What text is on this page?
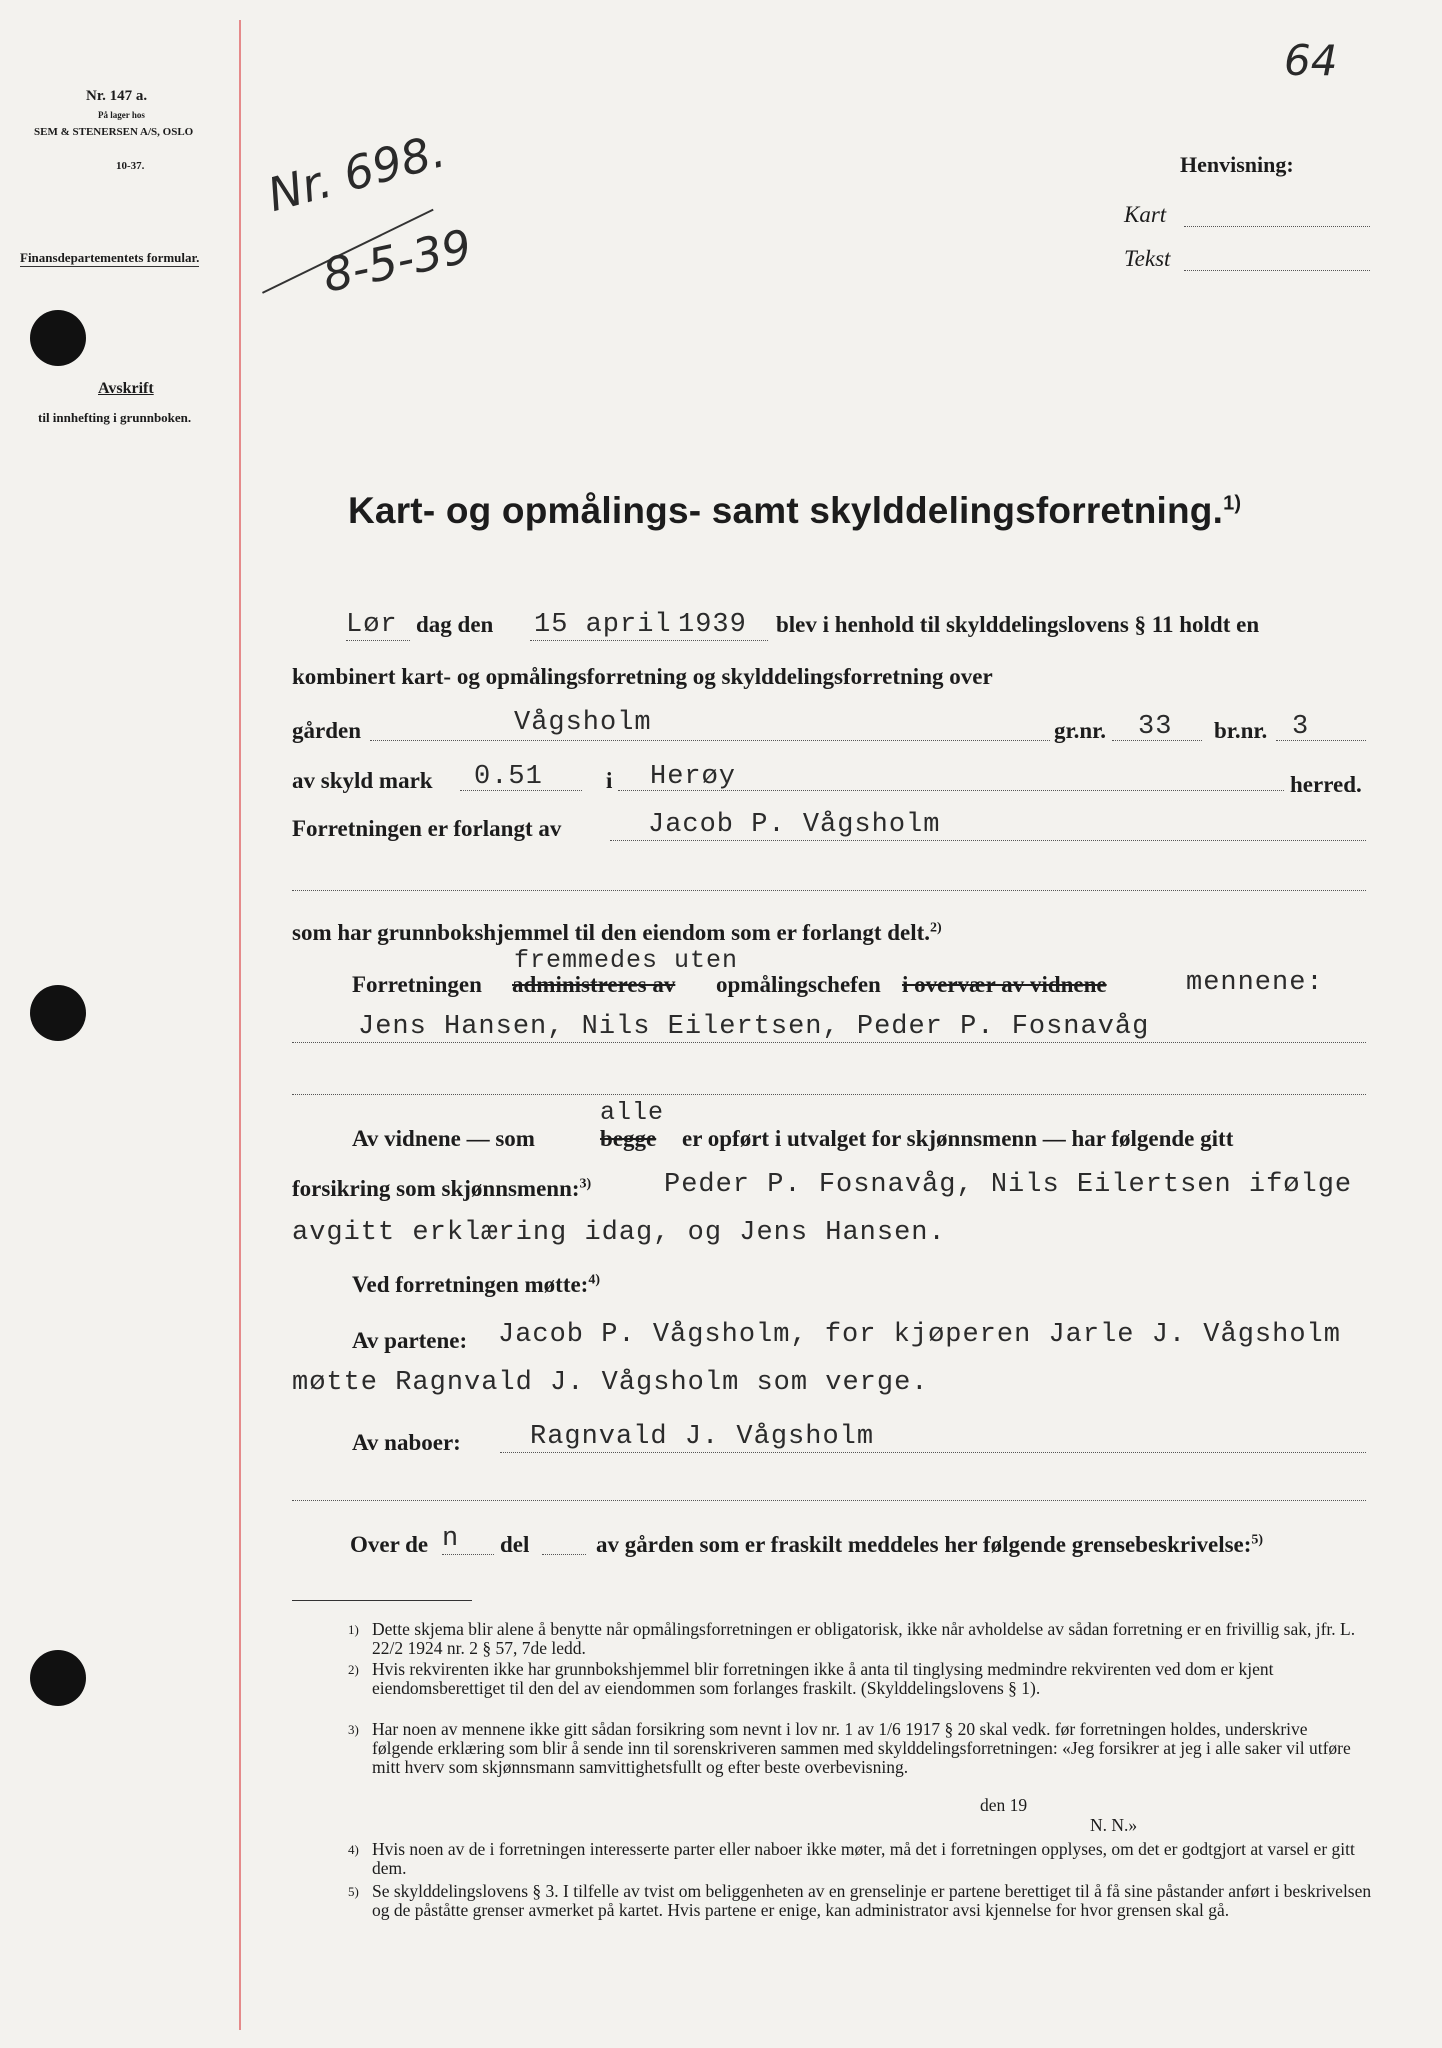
Nr. 147 a.
På lager hos
SEM & STENERSEN A/S, OSLO
10-37.
Finansdepartementets formular.
Avskrift
til innhefting i grunnboken.
Nr. 698.
8-5-39
64
Henvisning:
Kart
Tekst
Kart- og opmålings- samt skylddelingsforretning.$^{1)}$
Lør dag den 15 april 1939 blev i henhold til skylddelingslovens § 11 holdt en
kombinert kart- og opmålingsforretning og skylddelingsforretning over
gården	Vågsholm	gr.nr. 33 br.nr. 3
av skyld mark 0.51	i Herøy	herred.
Forretningen er forlangt av	Jacob P. Vågsholm
som har grunnbokshjemmel til den eiendom som er forlangt delt.$^{2)}$
fremmedes uten
Forretningen administreres av opmålingschefen i overvær av vidnene	mennene:
Jens Hansen, Nils Eilertsen, Peder P. Fosnavåg
alle
Av vidnene — som	begge er opført i utvalget for skjønnsmenn — har følgende gitt
forsikring som skjønnsmenn:$^{3)}$	Peder P. Fosnavåg, Nils Eilertsen ifølge
avgitt erklæring idag, og Jens Hansen.
Ved forretningen møtte:$^{4)}$
Av partene: Jacob P. Vågsholm, for kjøperen Jarle J. Vågsholm
møtte Ragnvald J. Vågsholm som verge.
Av naboer:	Ragnvald J. Vågsholm
Over de n del	av gården som er fraskilt meddeles her følgende grensebeskrivelse:$^{5)}$
1) Dette skjema blir alene å benytte når opmålingsforretningen er obligatorisk, ikke når avholdelse av sådan forretning er en frivillig sak, jfr. L. 22/2 1924 nr. 2 § 57, 7de ledd.
2) Hvis rekvirenten ikke har grunnbokshjemmel blir forretningen ikke å anta til tinglysing medmindre rekvirenten ved dom er kjent eiendomsberettiget til den del av eiendommen som forlanges fraskilt. (Skylddelingslovens § 1).
3) Har noen av mennene ikke gitt sådan forsikring som nevnt i lov nr. 1 av 1/6 1917 § 20 skal vedk. før forretningen holdes, underskrive følgende erklæring som blir å sende inn til sorenskriveren sammen med skylddelingsforretningen: «Jeg forsikrer at jeg i alle saker vil utføre mitt hverv som skjønnsmann samvittighetsfullt og efter beste overbevisning.
den 19
N. N.»
4) Hvis noen av de i forretningen interesserte parter eller naboer ikke møter, må det i forretningen opplyses, om det er godtgjort at varsel er gitt dem.
5) Se skylddelingslovens § 3. I tilfelle av tvist om beliggenheten av en grenselinje er partene berettiget til å få sine påstander anført i beskrivelsen og de påståtte grenser avmerket på kartet. Hvis partene er enige, kan administrator avsi kjennelse for hvor grensen skal gå.
